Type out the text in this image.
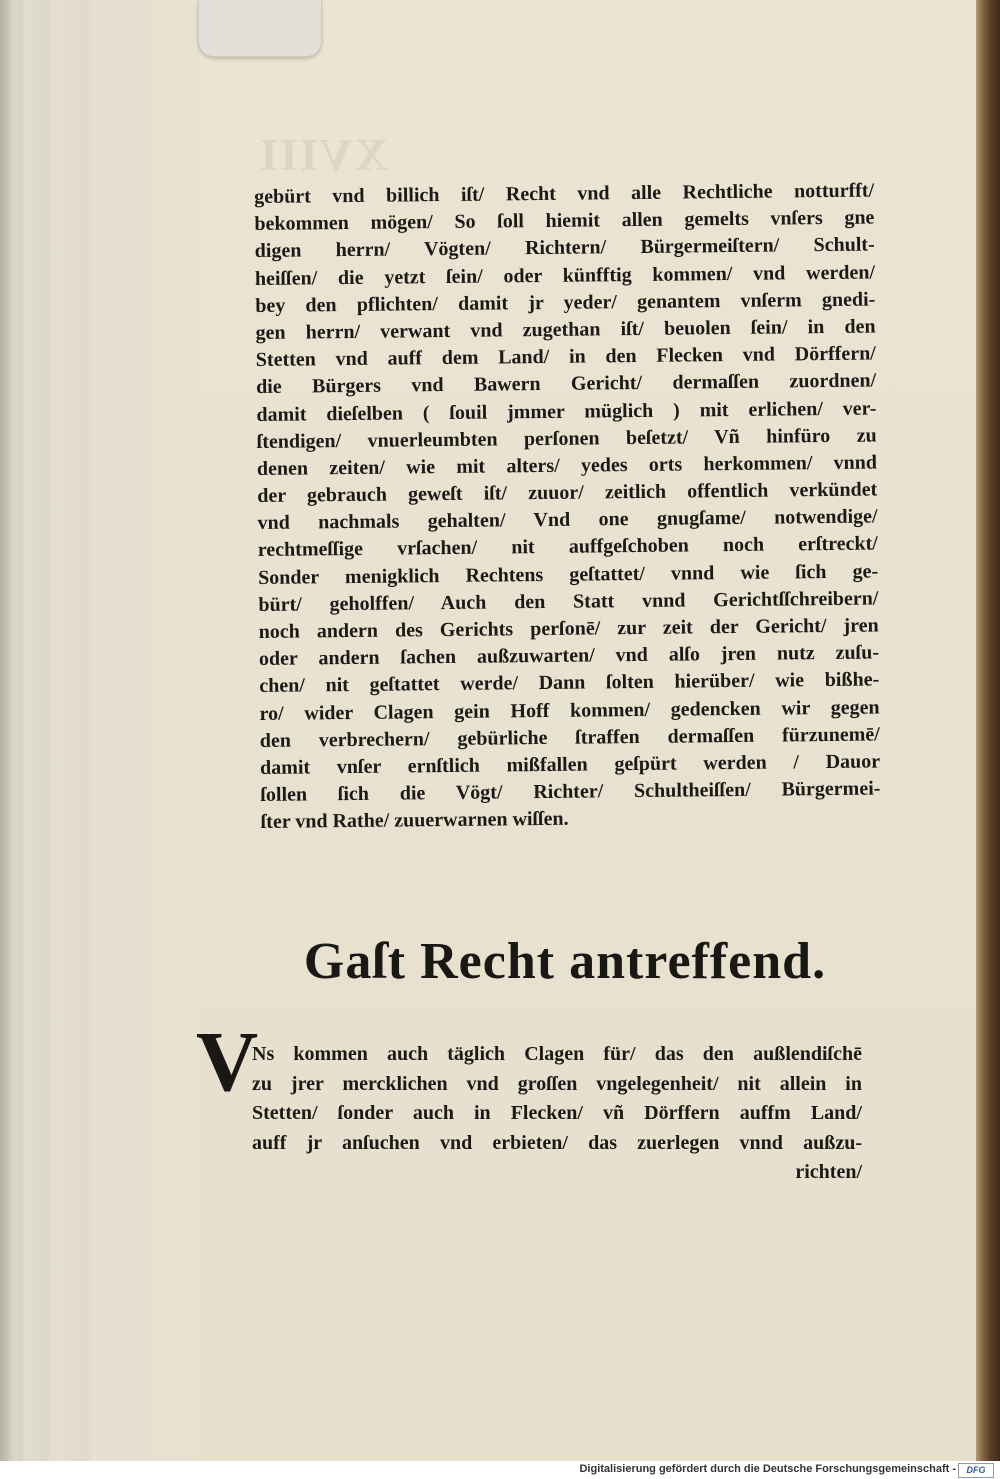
XVIII
gebürt vnd billich iſt/ Recht vnd alle Rechtliche notturfft/
bekommen mögen/ So ſoll hiemit allen gemelts vnſers gne
digen herrn/ Vögten/ Richtern/ Bürgermeiſtern/ Schult-
heiſſen/ die yetzt ſein/ oder künfftig kommen/ vnd werden/
bey den pflichten/ damit jr yeder/ genantem vnſerm gnedi-
gen herrn/ verwant vnd zugethan iſt/ beuolen ſein/ in den
Stetten vnd auff dem Land/ in den Flecken vnd Dörffern/
die Bürgers vnd Bawern Gericht/ dermaſſen zuordnen/
damit dieſelben ( ſouil jmmer müglich ) mit erlichen/ ver-
ſtendigen/ vnuerleumbten perſonen beſetzt/ Vñ hinfüro zu
denen zeiten/ wie mit alters/ yedes orts herkommen/ vnnd
der gebrauch geweſt iſt/ zuuor/ zeitlich offentlich verkündet
vnd nachmals gehalten/ Vnd one gnugſame/ notwendige/
rechtmeſſige vrſachen/ nit auffgeſchoben noch erſtreckt/
Sonder menigklich Rechtens geſtattet/ vnnd wie ſich ge-
bürt/ geholffen/ Auch den Statt vnnd Gerichtſſchreibern/
noch andern des Gerichts perſonē/ zur zeit der Gericht/ jren
oder andern ſachen außzuwarten/ vnd alſo jren nutz zuſu-
chen/ nit geſtattet werde/ Dann ſolten hierüber/ wie bißhe-
ro/ wider Clagen gein Hoff kommen/ gedencken wir gegen
den verbrechern/ gebürliche ſtraffen dermaſſen fürzunemē/
damit vnſer ernſtlich mißfallen geſpürt werden / Dauor
ſollen ſich die Vögt/ Richter/ Schultheiſſen/ Bürgermei-
ſter vnd Rathe/ zuuerwarnen wiſſen.
Gaſt Recht antreffend.
V
Ns kommen auch täglich Clagen für/ das den außlendiſchē
zu jrer mercklichen vnd groſſen vngelegenheit/ nit allein in
Stetten/ ſonder auch in Flecken/ vñ Dörffern auffm Land/
auff jr anſuchen vnd erbieten/ das zuerlegen vnnd außzu-
richten/
Digitalisierung gefördert durch die Deutsche Forschungsgemeinschaft -	DFG
